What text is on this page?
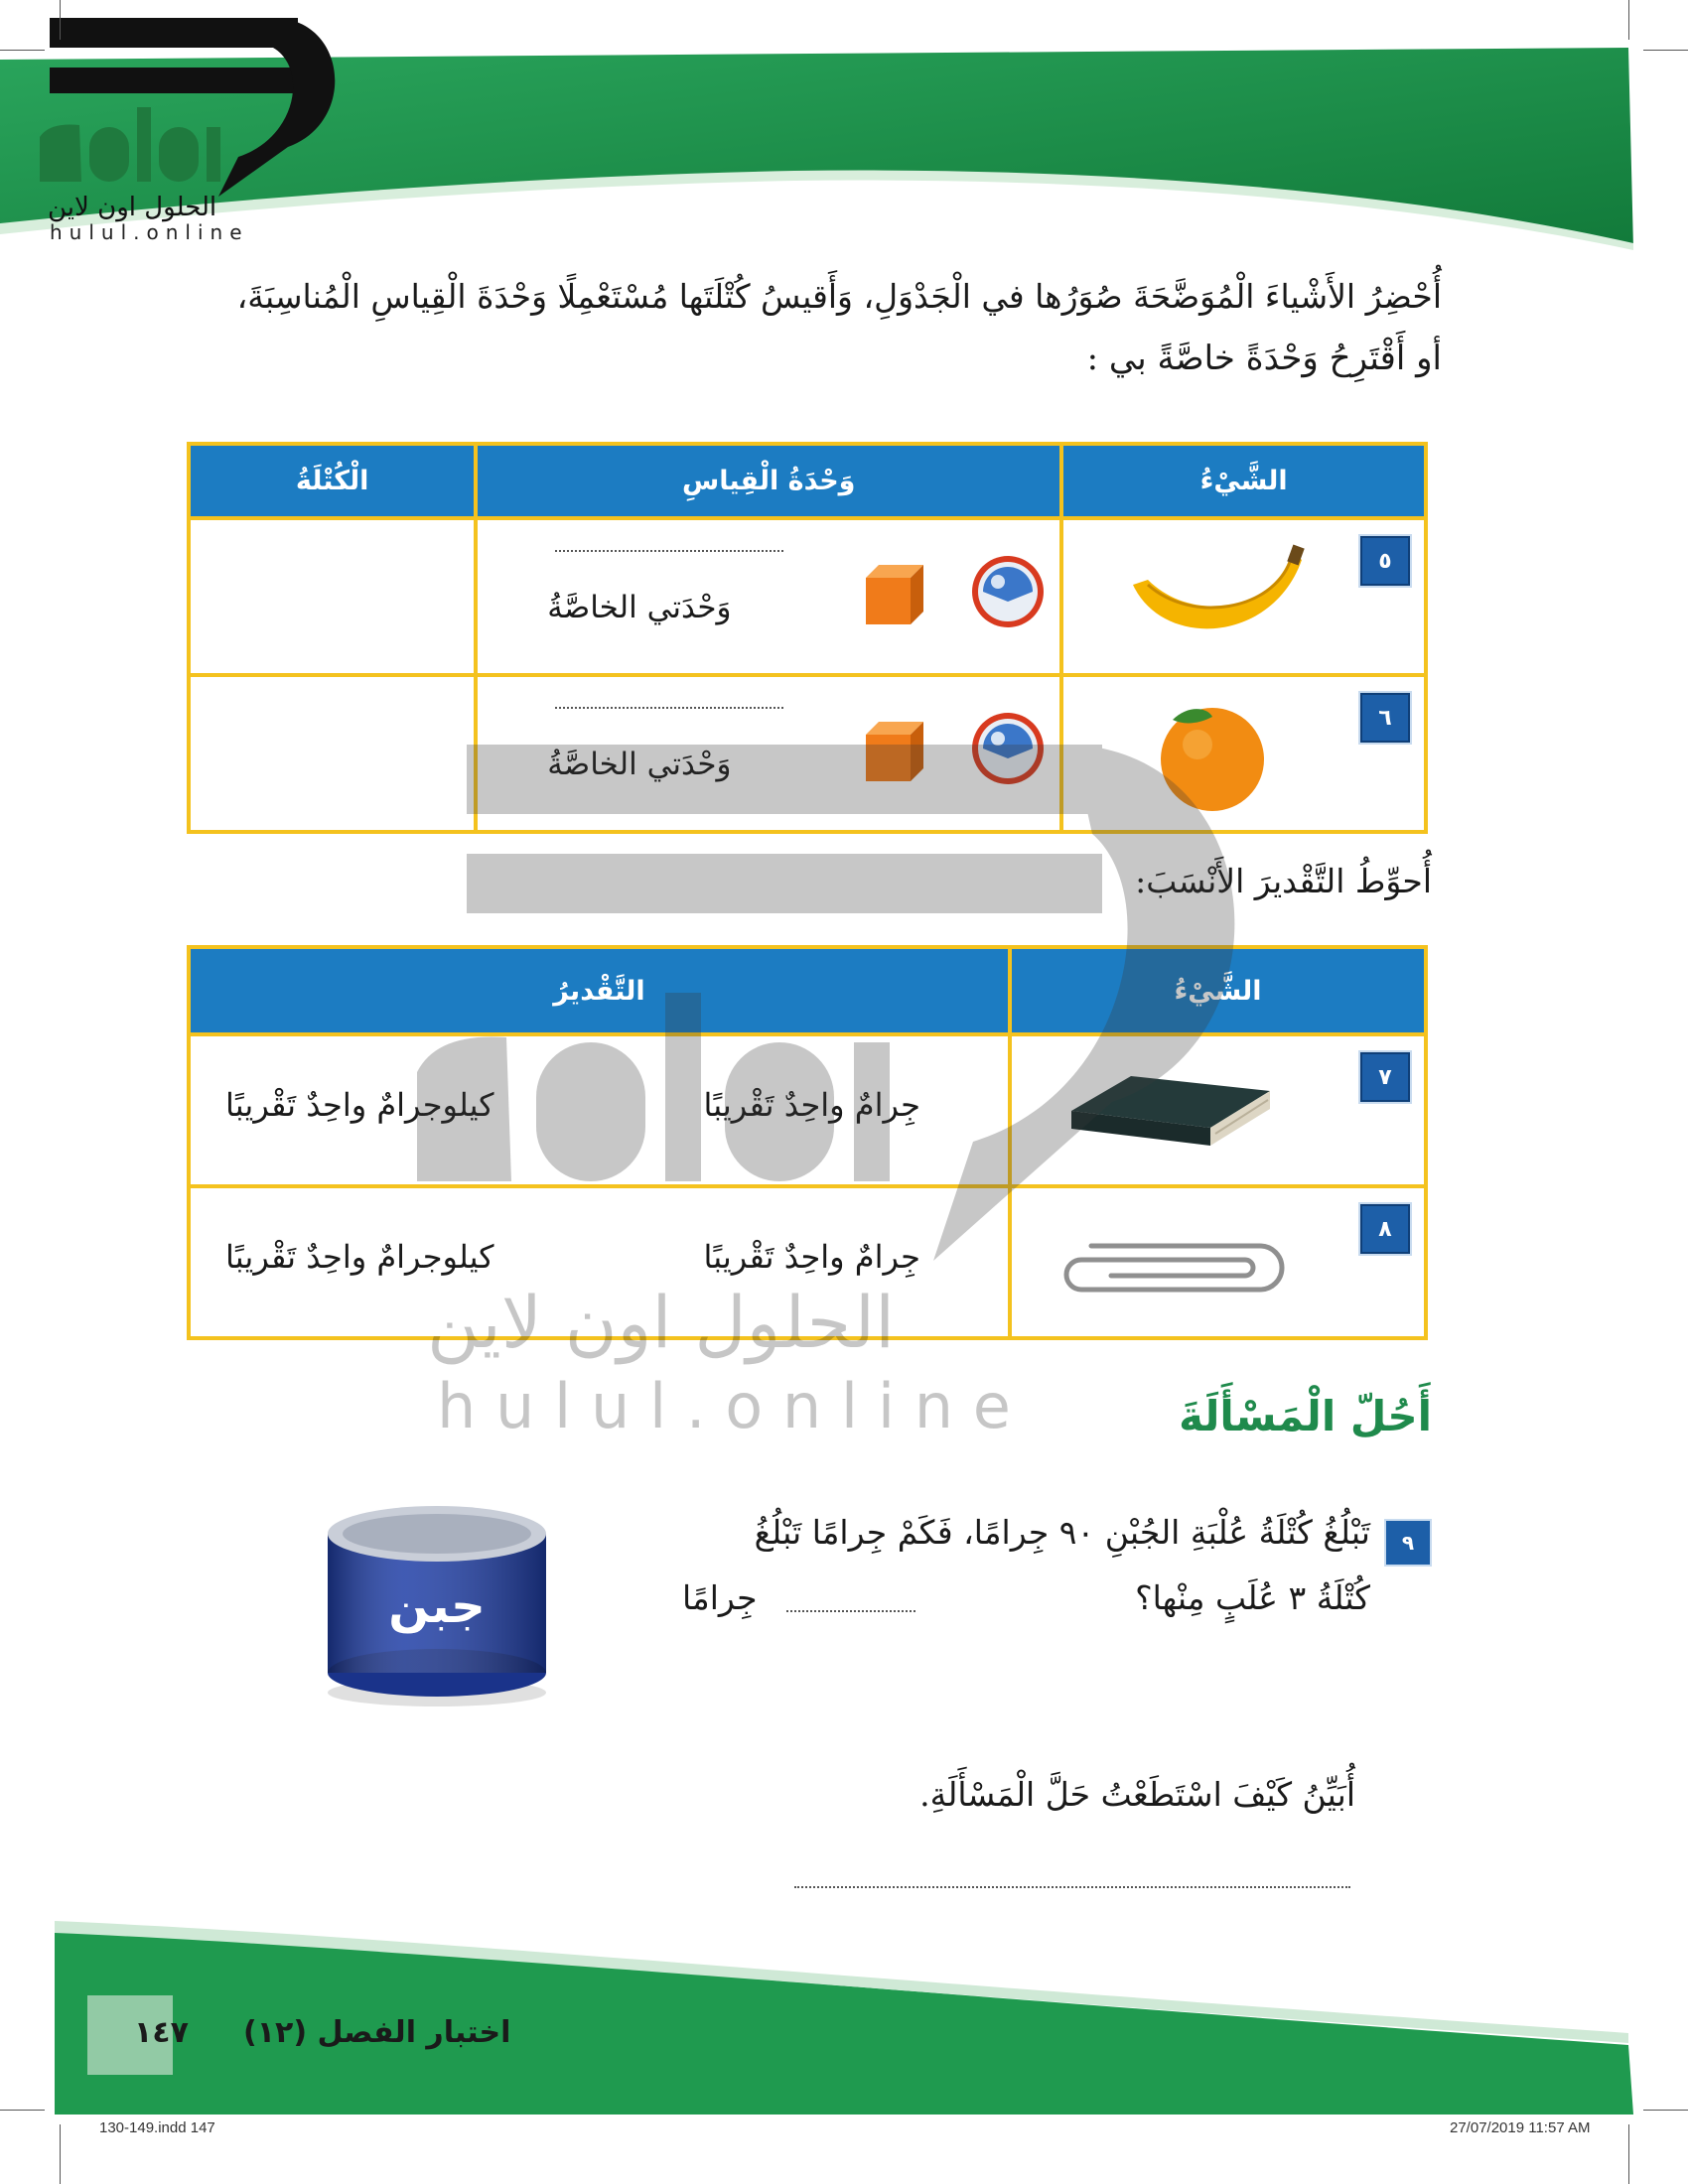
الحلول اون لاين
hulul.online
أُحْضِرُ الأَشْياءَ الْمُوَضَّحَةَ صُوَرُها في الْجَدْوَلِ، وَأَقيسُ كُتْلَتَها مُسْتَعْمِلًا وَحْدَةَ الْقِياسِ الْمُناسِبَةَ،
أو أَقْتَرِحُ وَحْدَةً خاصَّةً بي :
الشَّيْءُ	وَحْدَةُ الْقِياسِ	الْكُتْلَةُ

٥	وَحْدَتي الخاصَّةُ	

٦	وَحْدَتي الخاصَّةُ	

أُحوِّطُ التَّقْديرَ الأَنْسَبَ:
الشَّيْءُ	التَّقْديرُ

٧	جِرامٌ واحِدٌ تَقْريبًا
كيلوجرامٌ واحِدٌ تَقْريبًا

٨	جِرامٌ واحِدٌ تَقْريبًا
كيلوجرامٌ واحِدٌ تَقْريبًا
الحلول اون لاين
h u l u l . o n l i n e	أَحُلّ الْمَسْأَلَةَ
٩
تَبْلُغُ كُتْلَةُ عُلْبَةِ الجُبْنِ ٩٠ جِرامًا، فَكَمْ جِرامًا تَبْلُغُ
كُتْلَةُ ٣ عُلَبٍ مِنْها؟
جِرامًا
جبن
أُبَيِّنُ كَيْفَ اسْتَطَعْتُ حَلَّ الْمَسْأَلَةِ.
اختبار الفصل (١٢)
١٤٧
130-149.indd 147	27/07/2019 11:57 AM
